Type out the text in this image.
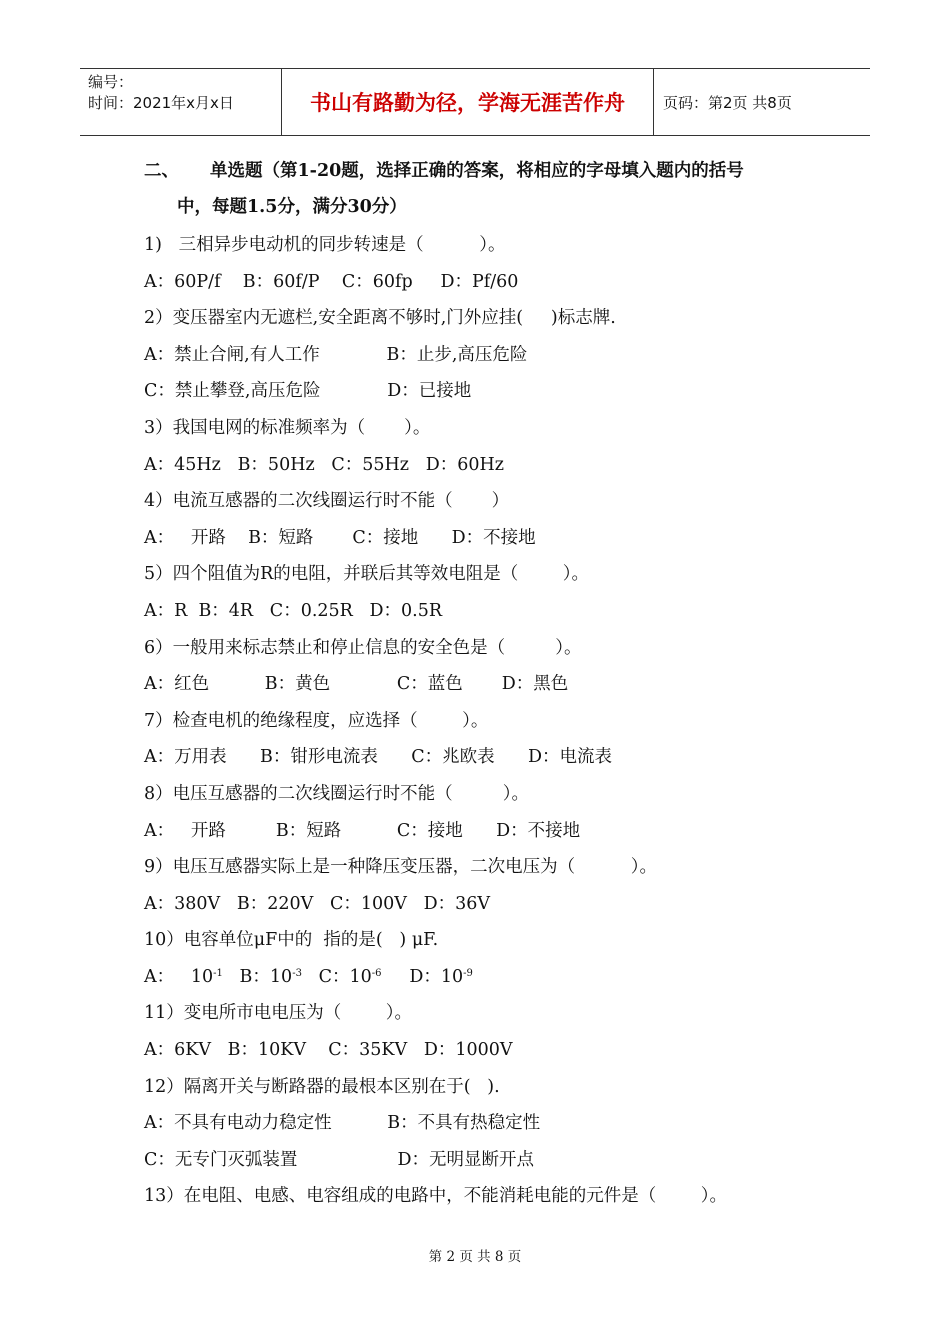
编号：
时间：2021年x月x日	书山有路勤为径，学海无涯苦作舟	页码：第2页 共8页
二、 单选题（第1-20题，选择正确的答案，将相应的字母填入题内的括号
中，每题1.5分，满分30分）
1)   三相异步电动机的同步转速是（          ）。
A：60P/f    B：60f/P    C：60fp     D：Pf/60
2）变压器室内无遮栏,安全距离不够时,门外应挂(     )标志牌.
A：禁止合闸,有人工作            B：止步,高压危险
C：禁止攀登,高压危险            D：已接地
3）我国电网的标准频率为（       ）。
A：45Hz   B：50Hz   C：55Hz   D：60Hz
4）电流互感器的二次线圈运行时不能（       ）
A：   开路    B：短路       C：接地      D：不接地
5）四个阻值为R的电阻，并联后其等效电阻是（        ）。
A：R  B：4R   C：0.25R   D：0.5R
6）一般用来标志禁止和停止信息的安全色是（         ）。
A：红色          B：黄色            C：蓝色       D：黑色
7）检查电机的绝缘程度，应选择（        ）。
A：万用表      B：钳形电流表      C：兆欧表      D：电流表
8）电压互感器的二次线圈运行时不能（         ）。
A：   开路         B：短路          C：接地      D：不接地
9）电压互感器实际上是一种降压变压器，二次电压为（          ）。
A：380V   B：220V   C：100V   D：36V
10）电容单位μF中的  指的是(   ) μF.
A：   $10^{-1}$   B：$10^{-3}$   C：$10^{-6}$     D：$10^{-9}$
11）变电所市电电压为（        ）。
A：6KV   B：10KV    C：35KV   D：1000V
12）隔离开关与断路器的最根本区别在于(   ).
A：不具有电动力稳定性          B：不具有热稳定性
C：无专门灭弧装置                  D：无明显断开点
13）在电阻、电感、电容组成的电路中，不能消耗电能的元件是（        ）。
第 2 页 共 8 页
